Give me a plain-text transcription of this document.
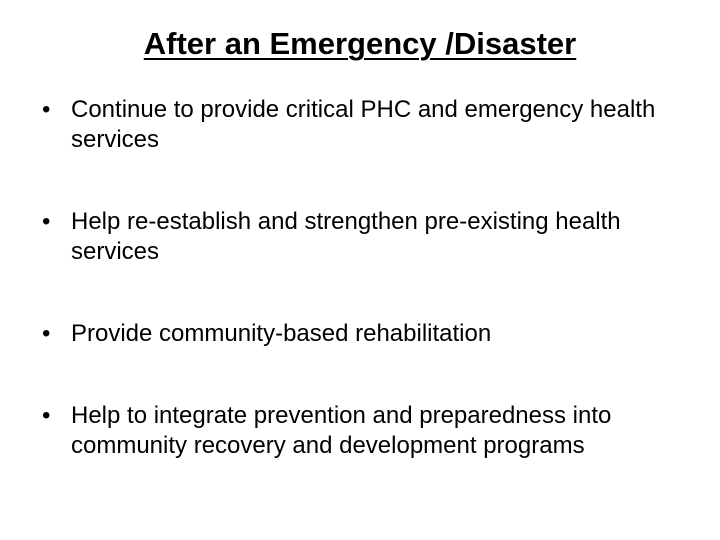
After an Emergency /Disaster
• Continue to provide critical PHC and emergency health services
• Help re-establish and strengthen pre-existing health services
• Provide community-based rehabilitation
• Help to integrate prevention and preparedness into community recovery and development programs
